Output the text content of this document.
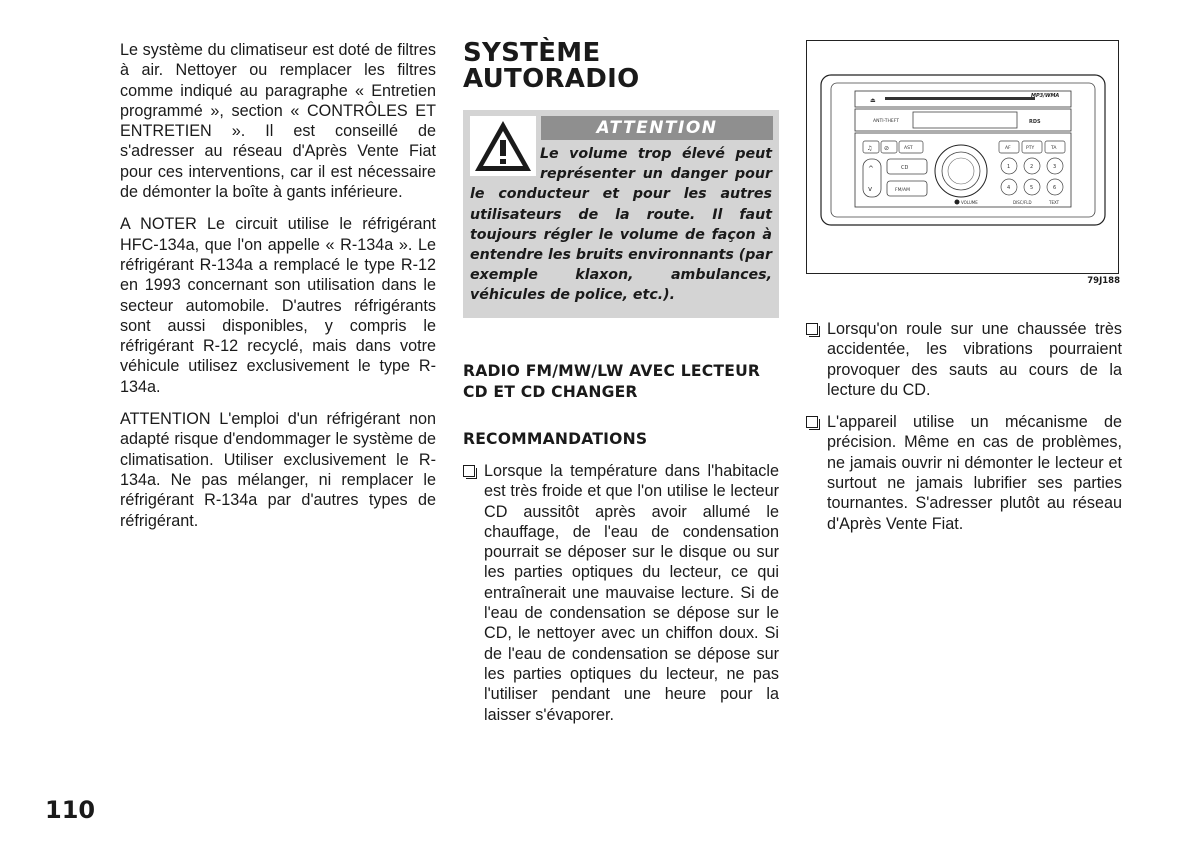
Le système du climatiseur est doté de filtres à air. Nettoyer ou remplacer les filtres comme indiqué au paragraphe « Entretien programmé », section « CONTRÔLES ET ENTRETIEN ». Il est conseillé de s'adresser au réseau d'Après Vente Fiat pour ces interventions, car il est nécessaire de démonter la boîte à gants inférieure.

A NOTER Le circuit utilise le réfrigérant HFC-134a, que l'on appelle « R-134a ». Le réfrigérant R-134a a remplacé le type R-12 en 1993 concernant son utilisation dans le secteur automobile. D'autres réfrigérants sont aussi disponibles, y compris le réfrigérant R-12 recyclé, mais dans votre véhicule utilisez exclusivement le type R-134a.

ATTENTION L'emploi d'un réfrigérant non adapté risque d'endommager le système de climatisation. Utiliser exclusivement le R-134a. Ne pas mélanger, ni remplacer le réfrigérant R-134a par d'autres types de réfrigérant.

SYSTÈME AUTORADIO
ATTENTION

Le volume trop élevé peut représenter un danger pour le conducteur et pour les autres utilisateurs de la route. Il faut toujours régler le volume de façon à entendre les bruits environnants (par exemple klaxon, ambulances, véhicules de police, etc.).

RADIO FM/MW/LW AVEC LECTEUR CD ET CD CHANGER
RECOMMANDATIONS
Lorsque la température dans l'habitacle est très froide et que l'on utilise le lecteur CD aussitôt après avoir allumé le chauffage, de l'eau de condensation pourrait se déposer sur le disque ou sur les parties optiques du lecteur, ce qui entraînerait une mauvaise lecture. Si de l'eau de condensation se dépose sur le CD, le nettoyer avec un chiffon doux. Si de l'eau de condensation se dépose sur les parties optiques du lecteur, ne pas l'utiliser pendant une heure pour la laisser s'évaporer.
⏏
MP3/WMA
ANTI-THEFT	RDS
♫ ⊘	AST
^
v
CD
FM/AM
VOLUME
AF	PTY	TA
1	2	3
4	5	6
DISC/FLD	TEXT
79J188
Lorsqu'on roule sur une chaussée très accidentée, les vibrations pourraient provoquer des sauts au cours de la lecture du CD.
L'appareil utilise un mécanisme de précision. Même en cas de problèmes, ne jamais ouvrir ni démonter le lecteur et surtout ne jamais lubrifier ses parties tournantes. S'adresser plutôt au réseau d'Après Vente Fiat.

110
